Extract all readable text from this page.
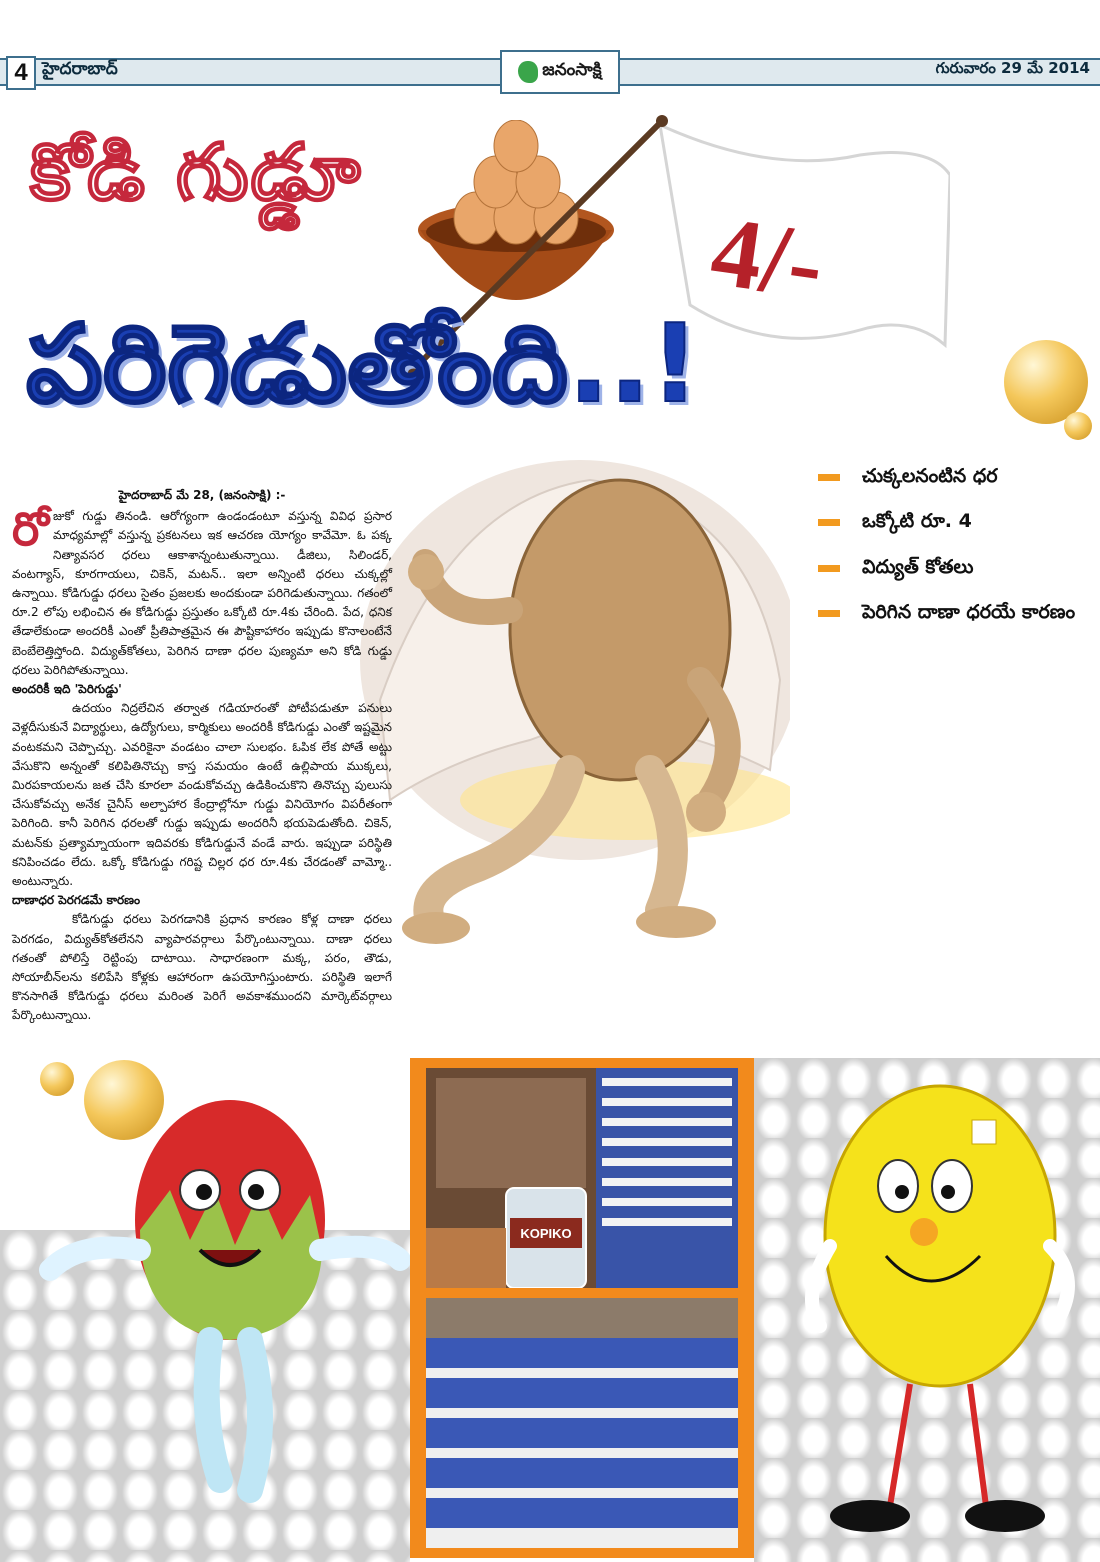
4 హైదరాబాద్	జనంసాక్షి	గురువారం 29 మే 2014
4/-
కోడి గుడ్డూ
పరిగెడుతోంది..!
చుక్కలనంటిన ధర
ఒక్కోటి రూ. 4
విద్యుత్‌ కోతలు
పెరిగిన దాణా ధరయే కారణం
హైదరాబాద్‌ మే 28, (జనంసాక్షి) :-
రో జుకో గుడ్డు తినండి. ఆరోగ్యంగా ఉండండంటూ వస్తున్న వివిధ ప్రసార మాధ్యమాల్లో వస్తున్న ప్రకటనలు ఇక ఆచరణ యోగ్యం కావేమో. ఓ పక్క నిత్యావసర ధరలు ఆకాశాన్నంటుతున్నాయి. డీజిలు, సిలిండర్‌, వంటగ్యాస్‌, కూరగాయలు, చికెన్‌, మటన్‌.. ఇలా అన్నింటి ధరలు చుక్కల్లో ఉన్నాయి. కోడిగుడ్డు ధరలు సైతం ప్రజలకు అందకుండా పరిగెడుతున్నాయి. గతంలో రూ.2 లోపు లభించిన ఈ కోడిగుడ్డు ప్రస్తుతం ఒక్కోటి రూ.4కు చేరింది. పేద, ధనిక తేడాలేకుండా అందరికీ ఎంతో ప్రీతిపాత్రమైన ఈ పౌష్టికాహారం ఇప్పుడు కొనాలంటేనే బెంబేలెత్తిస్తోంది. విద్యుత్‌కోతలు, పెరిగిన దాణా ధరల పుణ్యమా అని కోడి గుడ్డు ధరలు పెరిగిపోతున్నాయి.
అందరికీ ఇది 'పెరిగుడ్డు'
ఉదయం నిద్రలేచిన తర్వాత గడియారంతో పోటీపడుతూ పనులు వెళ్లదీసుకునే విద్యార్థులు, ఉద్యోగులు, కార్మికులు అందరికీ కోడిగుడ్డు ఎంతో ఇష్టమైన వంటకమని చెప్పొచ్చు. ఎవరికైనా వండటం చాలా సులభం. ఓపిక లేక పోతే అట్టు వేసుకొని అన్నంతో కలిపితినొచ్చు కాస్త సమయం ఉంటే ఉల్లిపాయ ముక్కలు, మిరపకాయలను జత చేసి కూరలా వండుకోవచ్చు ఉడికించుకొని తినొచ్చు పులుసు చేసుకోవచ్చు అనేక చైనీస్‌ అల్పాహార కేంద్రాల్లోనూ గుడ్డు వినియోగం విపరీతంగా పెరిగింది. కానీ పెరిగిన ధరలతో గుడ్డు ఇప్పుడు అందరినీ భయపెడుతోంది. చికెన్‌, మటన్‌కు ప్రత్యామ్నాయంగా ఇదివరకు కోడిగుడ్డునే వండే వారు. ఇప్పుడా పరిస్థితి కనిపించడం లేదు. ఒక్కో కోడిగుడ్డు గరిష్ట చిల్లర ధర రూ.4కు చేరడంతో వామ్మో.. అంటున్నారు.
దాణాధర పెరగడమే కారణం
కోడిగుడ్డు ధరలు పెరగడానికి ప్రధాన కారణం కోళ్ల దాణా ధరలు పెరగడం, విద్యుత్‌కోతలేనని వ్యాపారవర్గాలు పేర్కొంటున్నాయి. దాణా ధరలు గతంతో పోలిస్తే రెట్టింపు దాటాయి. సాధారణంగా మక్క, పరం, తౌడు, సోయాబీన్‌లను కలిపేసి కోళ్లకు ఆహారంగా ఉపయోగిస్తుంటారు. పరిస్థితి ఇలాగే కొనసాగితే కోడిగుడ్డు ధరలు మరింత పెరిగే అవకాశముందని మార్కెట్‌వర్గాలు పేర్కొంటున్నాయి.
KOPIKO
